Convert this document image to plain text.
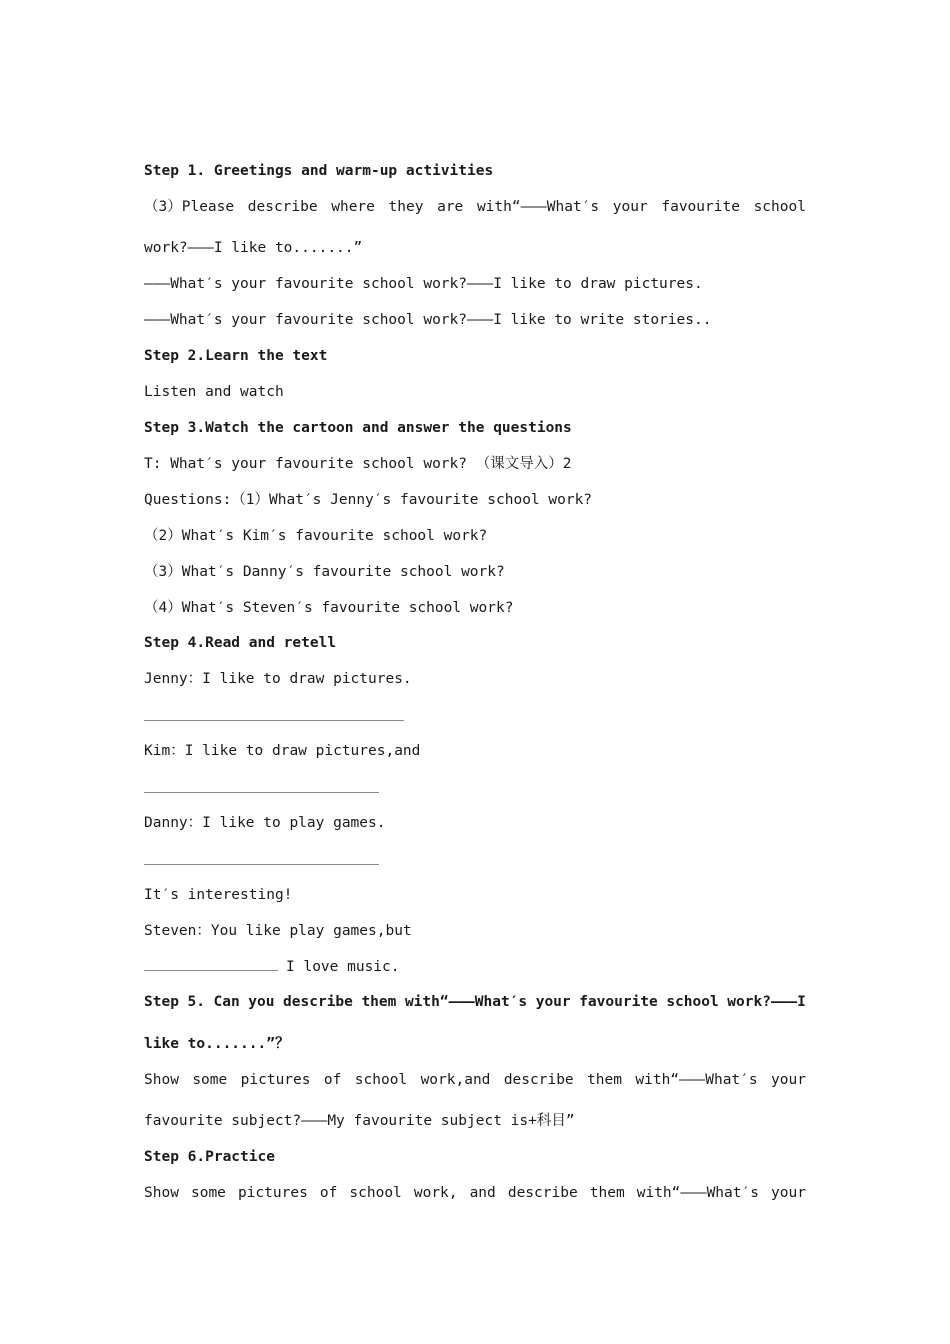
Step 1. Greetings and warm-up activities
（3）Please describe where they are with“———What′s your favourite school
work?———I like to.......”
———What′s your favourite school work?———I like to draw pictures.
———What′s your favourite school work?———I like to write stories..
Step 2.Learn the text
Listen and watch
Step 3.Watch the cartoon and answer the questions
T: What′s your favourite school work? （课文导入）2
Questions:（1）What′s Jenny′s favourite school work?
（2）What′s Kim′s favourite school work?
（3）What′s Danny′s favourite school work?
（4）What′s Steven′s favourite school work?
Step 4.Read and retell
Jenny：I like to draw pictures.
Kim：I like to draw pictures,and
Danny：I like to play games.
It′s interesting!
Steven：You like play games,but
I love music.
Step 5. Can you describe them with“———What′s your favourite school work?———I
like to.......”？
Show some pictures of school work,and describe them with“———What′s your
favourite subject?———My favourite subject is+科目”
Step 6.Practice
Show some pictures of school work, and describe them with“———What′s your
